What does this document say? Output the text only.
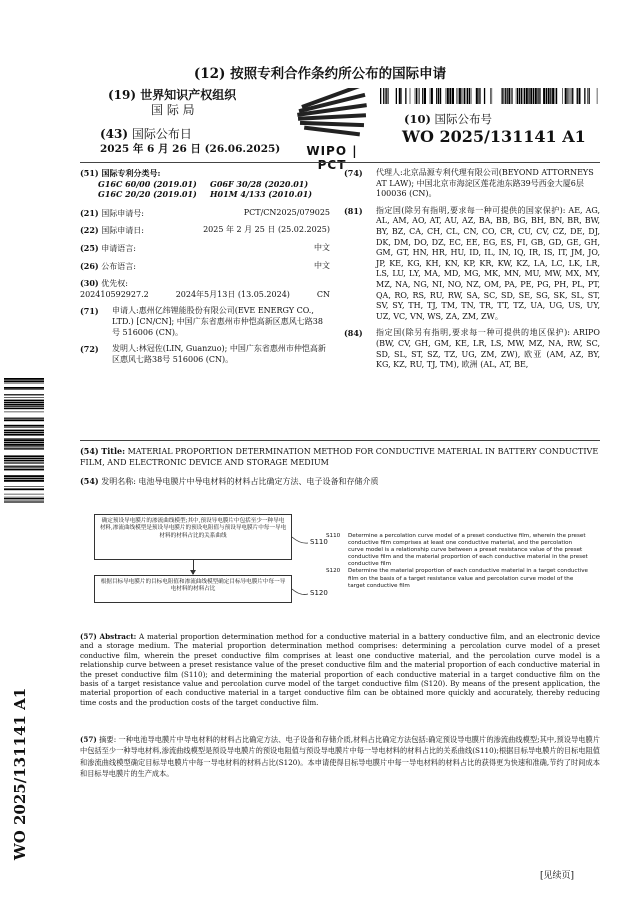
(12) 按照专利合作条约所公布的国际申请
(19) 世界知识产权组织
国 际 局
(43) 国际公布日
2025 年 6 月 26 日 (26.06.2025)	WIPO | PCT
(10) 国际公布号
WO 2025/131141 A1
(51) 国际专利分类号:
G16C 60/00 (2019.01)	G06F 30/28 (2020.01)
G16C 20/20 (2019.01)	H01M 4/133 (2010.01)
(21) 国际申请号:	PCT/CN2025/079025
(22) 国际申请日:	2025 年 2 月 25 日 (25.02.2025)
(25) 申请语言:	中文
(26) 公布语言:	中文
(30) 优先权:
202410592927.2	2024年5月13日 (13.05.2024)	CN
(71)	申请人:惠州亿纬锂能股份有限公司(EVE ENERGY CO., LTD.) [CN/CN]; 中国广东省惠州市仲恺高新区惠风七路38号 516006 (CN)。
(72)	发明人:林冠佐(LIN, Guanzuo); 中国广东省惠州市仲恺高新区惠风七路38号 516006 (CN)。
(74)	代理人:北京品源专利代理有限公司(BEYOND ATTORNEYS AT LAW); 中国北京市海淀区莲花池东路39号西金大厦6层 100036 (CN)。
(81)	指定国(除另有指明,要求每一种可提供的国家保护): AE, AG, AL, AM, AO, AT, AU, AZ, BA, BB, BG, BH, BN, BR, BW, BY, BZ, CA, CH, CL, CN, CO, CR, CU, CV, CZ, DE, DJ, DK, DM, DO, DZ, EC, EE, EG, ES, FI, GB, GD, GE, GH, GM, GT, HN, HR, HU, ID, IL, IN, IQ, IR, IS, IT, JM, JO, JP, KE, KG, KH, KN, KP, KR, KW, KZ, LA, LC, LK, LR, LS, LU, LY, MA, MD, MG, MK, MN, MU, MW, MX, MY, MZ, NA, NG, NI, NO, NZ, OM, PA, PE, PG, PH, PL, PT, QA, RO, RS, RU, RW, SA, SC, SD, SE, SG, SK, SL, ST, SV, SY, TH, TJ, TM, TN, TR, TT, TZ, UA, UG, US, UY, UZ, VC, VN, WS, ZA, ZM, ZW。
(84)	指定国(除另有指明,要求每一种可提供的地区保护): ARIPO (BW, CV, GH, GM, KE, LR, LS, MW, MZ, NA, RW, SC, SD, SL, ST, SZ, TZ, UG, ZM, ZW), 欧亚 (AM, AZ, BY, KG, KZ, RU, TJ, TM), 欧洲 (AL, AT, BE,
(54) Title: MATERIAL PROPORTION DETERMINATION METHOD FOR CONDUCTIVE MATERIAL IN BATTERY CONDUCTIVE FILM, AND ELECTRONIC DEVICE AND STORAGE MEDIUM
(54) 发明名称: 电池导电膜片中导电材料的材料占比确定方法、电子设备和存储介质
确定预设导电膜片的渗流曲线模型;其中,预设导电膜片中包括至少一种导电材料,渗流曲线模型是预设导电膜片的预设电阻值与预设导电膜片中每一导电材料的材料占比的关系曲线
根据目标导电膜片的目标电阻值和渗流曲线模型确定目标导电膜片中每一导电材料的材料占比
S110
S120
S110	Determine a percolation curve model of a preset conductive film, wherein the preset conductive film comprises at least one conductive material, and the percolation curve model is a relationship curve between a preset resistance value of the preset conductive film and the material proportion of each conductive material in the preset conductive film
S120	Determine the material proportion of each conductive material in a target conductive film on the basis of a target resistance value and percolation curve model of the target conductive film
(57) Abstract: A material proportion determination method for a conductive material in a battery conductive film, and an electronic device and a storage medium. The material proportion determination method comprises: determining a percolation curve model of a preset conductive film, wherein the preset conductive film comprises at least one conductive material, and the percolation curve model is a relationship curve between a preset resistance value of the preset conductive film and the material proportion of each conductive material in the preset conductive film (S110); and determining the material proportion of each conductive material in a target conductive film on the basis of a target resistance value and percolation curve model of the target conductive film (S120). By means of the present application, the material proportion of each conductive material in a target conductive film can be obtained more quickly and accurately, thereby reducing time costs and the production costs of the target conductive film.
(57) 摘要: 一种电池导电膜片中导电材料的材料占比确定方法、电子设备和存储介质,材料占比确定方法包括:确定预设导电膜片的渗流曲线模型;其中,预设导电膜片中包括至少一种导电材料,渗流曲线模型是预设导电膜片的预设电阻值与预设导电膜片中每一导电材料的材料占比的关系曲线(S110);根据目标导电膜片的目标电阻值和渗流曲线模型确定目标导电膜片中每一导电材料的材料占比(S120)。本申请使得目标导电膜片中每一导电材料的材料占比的获得更为快速和准确,节约了时间成本和目标导电膜片的生产成本。
WO 2025/131141 A1
[见续页]
